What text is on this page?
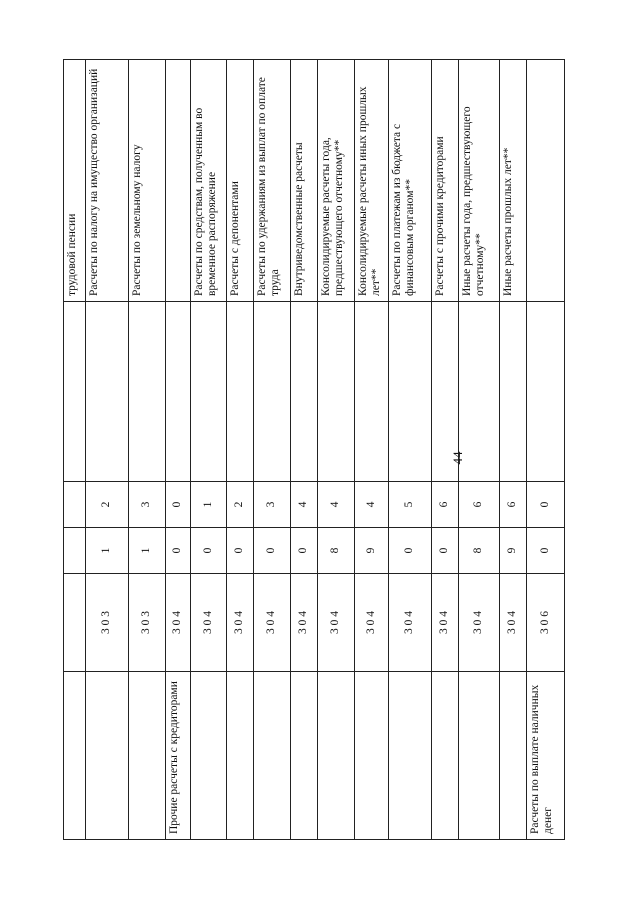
44
					трудовой пенсии
	3 0 3	1	2		Расчеты по налогу на имущество организаций
	3 0 3	1	3		Расчеты по земельному налогу
Прочие расчеты с кредиторами	3 0 4	0	0		
	3 0 4	0	1		Расчеты по средствам, полученным во временное распоряжение
	3 0 4	0	2		Расчеты с депонентами
	3 0 4	0	3		Расчеты по удержаниям из выплат по оплате труда
	3 0 4	0	4		Внутриведомственные расчеты
	3 0 4	8	4		Консолидируемые расчеты года, предшествующего отчетному**
	3 0 4	9	4		Консолидируемые расчеты иных прошлых лет**
	3 0 4	0	5		Расчеты по платежам из бюджета с финансовым органом**
	3 0 4	0	6		Расчеты с прочими кредиторами
	3 0 4	8	6		Иные расчеты года, предшествующего отчетному**
	3 0 4	9	6		Иные расчеты прошлых лет**
Расчеты по выплате наличных денег	3 0 6	0	0		
